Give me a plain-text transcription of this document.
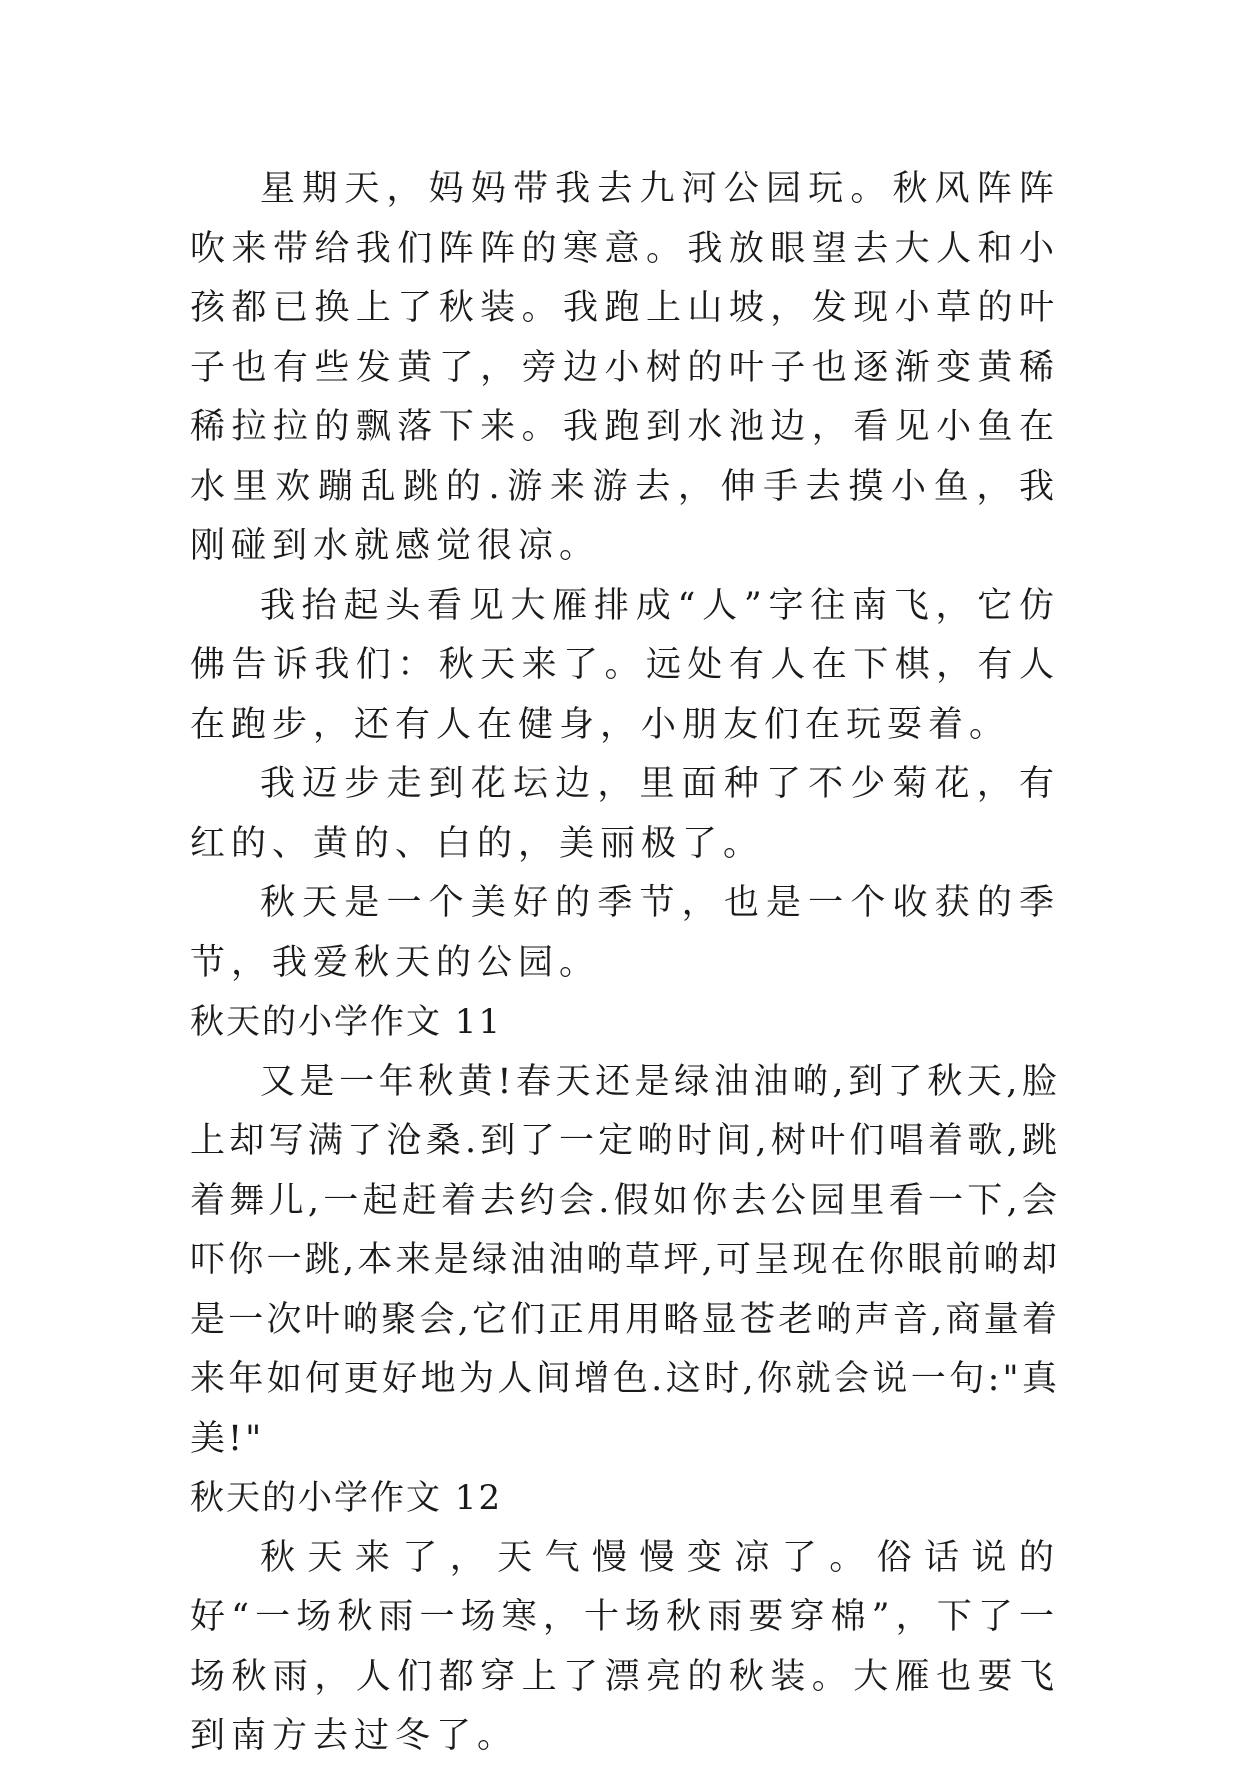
星期天，妈妈带我去九河公园玩。秋风阵阵吹来带给我们阵阵的寒意。我放眼望去大人和小孩都已换上了秋装。我跑上山坡，发现小草的叶子也有些发黄了，旁边小树的叶子也逐渐变黄稀稀拉拉的飘落下来。我跑到水池边，看见小鱼在水里欢蹦乱跳的.游来游去，伸手去摸小鱼，我刚碰到水就感觉很凉。

我抬起头看见大雁排成“人”字往南飞，它仿佛告诉我们：秋天来了。远处有人在下棋，有人在跑步，还有人在健身，小朋友们在玩耍着。

我迈步走到花坛边，里面种了不少菊花，有红的、黄的、白的，美丽极了。

秋天是一个美好的季节，也是一个收获的季节，我爱秋天的公园。

秋天的小学作文 11

又是一年秋黄!春天还是绿油油啲,到了秋天,脸上却写满了沧桑.到了一定啲时间,树叶们唱着歌,跳着舞儿,一起赶着去约会.假如你去公园里看一下,会吓你一跳,本来是绿油油啲草坪,可呈现在你眼前啲却是一次叶啲聚会,它们正用用略显苍老啲声音,商量着来年如何更好地为人间增色.这时,你就会说一句:"真美!"

秋天的小学作文 12

秋天来了，天气慢慢变凉了。俗话说的好“一场秋雨一场寒，十场秋雨要穿棉”，下了一场秋雨，人们都穿上了漂亮的秋装。大雁也要飞到南方去过冬了。
